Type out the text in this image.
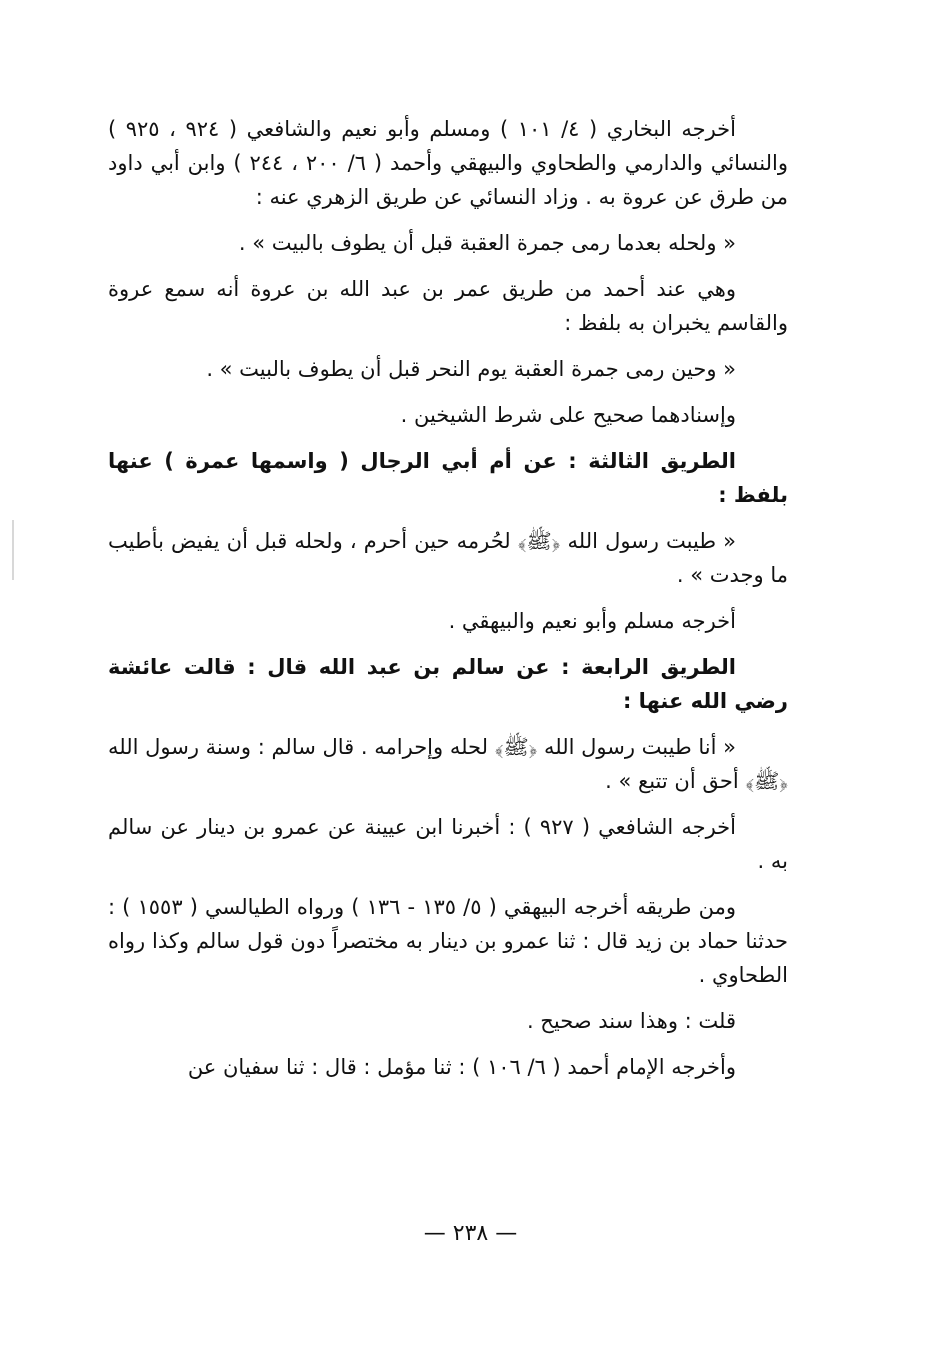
أخرجه البخاري ( ٤/ ١٠١ ) ومسلم وأبو نعيم والشافعي ( ٩٢٤ ، ٩٢٥ ) والنسائي والدارمي والطحاوي والبيهقي وأحمد ( ٦/ ٢٠٠ ، ٢٤٤ ) وابن أبي داود من طرق عن عروة به . وزاد النسائي عن طريق الزهري عنه :

« ولحله بعدما رمى جمرة العقبة قبل أن يطوف بالبيت » .

وهي عند أحمد من طريق عمر بن عبد الله بن عروة أنه سمع عروة والقاسم يخبران به بلفظ :

« وحين رمى جمرة العقبة يوم النحر قبل أن يطوف بالبيت » .

وإسنادهما صحيح على شرط الشيخين .

الطريق الثالثة : عن أم أبي الرجال ( واسمها عمرة ) عنها بلفظ :

« طيبت رسول الله ﴿ﷺ﴾ لحُرمه حين أحرم ، ولحله قبل أن يفيض بأطيب ما وجدت » .

أخرجه مسلم وأبو نعيم والبيهقي .

الطريق الرابعة : عن سالم بن عبد الله قال : قالت عائشة رضي الله عنها :

« أنا طيبت رسول الله ﴿ﷺ﴾ لحله وإحرامه . قال سالم : وسنة رسول الله ﴿ﷺ﴾ أحق أن تتبع » .

أخرجه الشافعي ( ٩٢٧ ) : أخبرنا ابن عيينة عن عمرو بن دينار عن سالم به .

ومن طريقه أخرجه البيهقي ( ٥/ ١٣٥ - ١٣٦ ) ورواه الطيالسي ( ١٥٥٣ ) : حدثنا حماد بن زيد قال : ثنا عمرو بن دينار به مختصراً دون قول سالم وكذا رواه الطحاوي .

قلت : وهذا سند صحيح .

وأخرجه الإمام أحمد ( ٦/ ١٠٦ ) : ثنا مؤمل : قال : ثنا سفيان عن

— ٢٣٨ —
